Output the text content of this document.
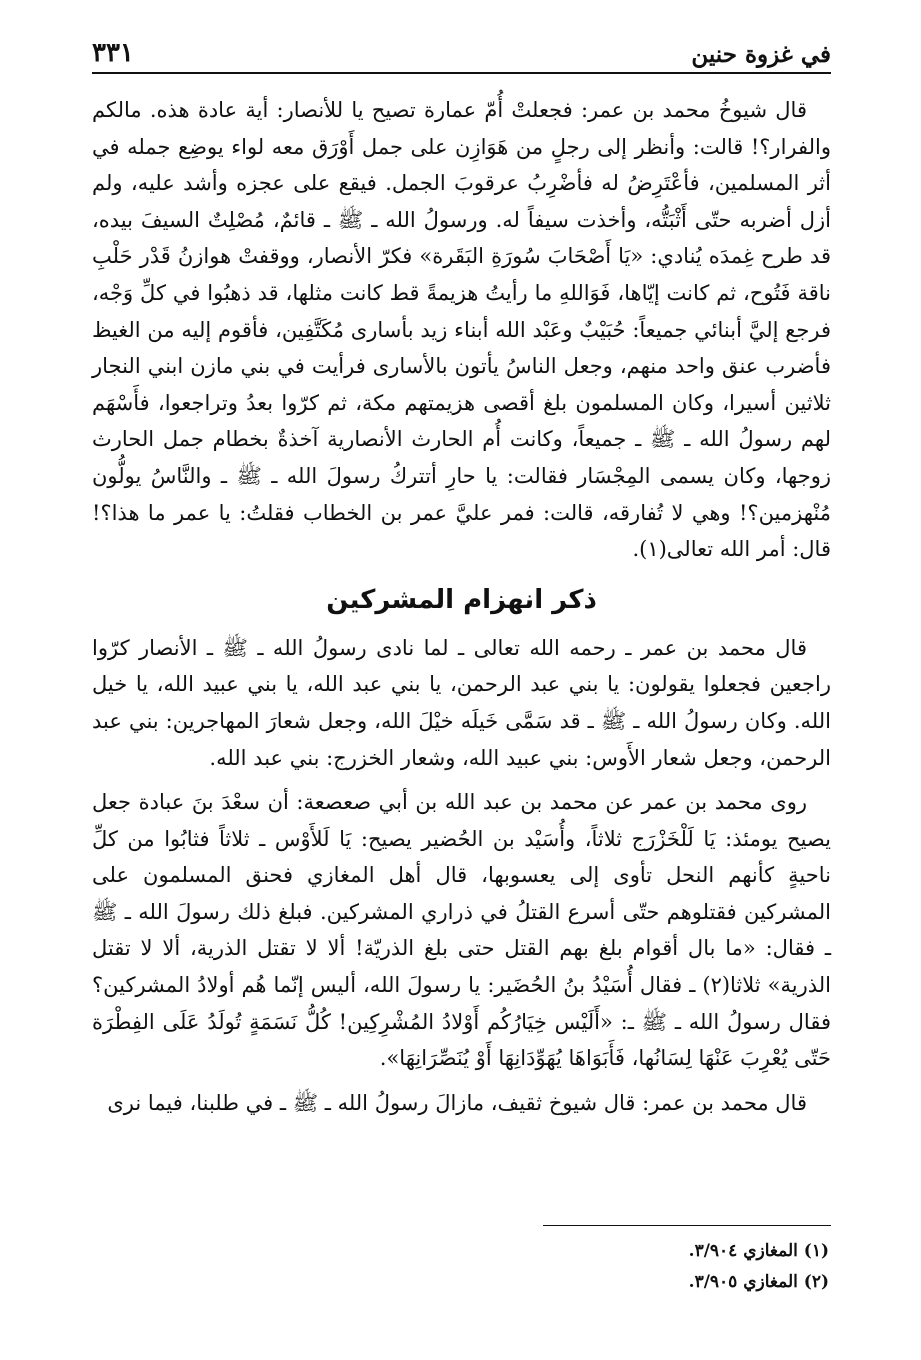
في غزوة حنين
٣٣١

قال شيوخُ محمد بن عمر: فجعلتْ أُمّ عمارة تصيح يا للأنصار: أية عادة هذه. مالكم والفرار؟! قالت: وأنظر إلى رجلٍ من هَوَازِن على جمل أَوْرَق معه لواء يوضِع جمله في أثر المسلمين، فأعْتَرِضُ له فأضْرِبُ عرقوبَ الجمل. فيقع على عجزه وأشد عليه، ولم أزل أضربه حتّى أَثْبَتُّه، وأخذت سيفاً له. ورسولُ الله ـ ﷺ ـ قائمٌ، مُصْلِتٌ السيفَ بيده، قد طرح غِمدَه يُنادي: «يَا أَصْحَابَ سُورَةِ البَقَرة» فكرّ الأنصار، ووقفتْ هوازنُ قَدْر حَلْبِ ناقة فَتُوح، ثم كانت إيّاها، فَوَاللهِ ما رأيتُ هزيمةً قط كانت مثلها، قد ذهبُوا في كلِّ وَجْه، فرجع إليَّ أبنائي جميعاً: حُبَيْبٌ وعَبْد الله أبناء زيد بأسارى مُكَتَّفِين، فأقوم إليه من الغيظ فأضرب عنق واحد منهم، وجعل الناسُ يأتون بالأسارى فرأيت في بني مازن ابني النجار ثلاثين أسيرا، وكان المسلمون بلغ أقصى هزيمتهم مكة، ثم كرّوا بعدُ وتراجعوا، فأَسْهَم لهم رسولُ الله ـ ﷺ ـ جميعاً، وكانت أُم الحارث الأنصارية آخذةٌ بخطام جمل الحارث زوجها، وكان يسمى المِجْسَار فقالت: يا حارِ أتتركُ رسولَ الله ـ ﷺ ـ والنَّاسُ يولُّون مُنْهزمين؟! وهي لا تُفارقه، قالت: فمر عليَّ عمر بن الخطاب فقلتُ: يا عمر ما هذا؟! قال: أمر الله تعالى(١).

ذكر انهزام المشركين

قال محمد بن عمر ـ رحمه الله تعالى ـ لما نادى رسولُ الله ـ ﷺ ـ الأنصار كرّوا راجعين فجعلوا يقولون: يا بني عبد الرحمن، يا بني عبد الله، يا بني عبيد الله، يا خيل الله. وكان رسولُ الله ـ ﷺ ـ قد سَمَّى خَيلَه خيْلَ الله، وجعل شعارَ المهاجرين: بني عبد الرحمن، وجعل شعار الأَوس: بني عبيد الله، وشعار الخزرج: بني عبد الله.

روى محمد بن عمر عن محمد بن عبد الله بن أبي صعصعة: أن سعْدَ بنَ عبادة جعل يصيح يومئذ: يَا لَلْخَزْرَج ثلاثاً، وأُسَيْد بن الحُضير يصيح: يَا لَلأَوْس ـ ثلاثاً فثابُوا من كلِّ ناحيةٍ كأنهم النحل تأوى إلى يعسوبها، قال أهل المغازي فحنق المسلمون على المشركين فقتلوهم حتّى أسرع القتلُ في ذراري المشركين. فبلغ ذلك رسولَ الله ـ ﷺ ـ فقال: «ما بال أقوام بلغ بهم القتل حتى بلغ الذريّة! ألا لا تقتل الذرية، ألا لا تقتل الذرية» ثلاثا(٢) ـ فقال أُسَيْدُ بنُ الحُضَير: يا رسولَ الله، أليس إنّما هُم أولادُ المشركين؟ فقال رسولُ الله ـ ﷺ ـ: «أَلَيْس خِيَارُكُم أَوْلادُ المُشْرِكِين! كُلُّ نَسَمَةٍ تُولَدُ عَلَى الفِطْرَة حَتّى يُعْرِبَ عَنْهَا لِسَانُها، فَأَبَوَاهَا يُهَوِّدَانِهَا أَوْ يُنَصِّرَانِهَا».

قال محمد بن عمر: قال شيوخ ثقيف، مازالَ رسولُ الله ـ ﷺ ـ في طلبنا، فيما نرى

(١) المغازي ٣/٩٠٤.
(٢) المغازي ٣/٩٠٥.
